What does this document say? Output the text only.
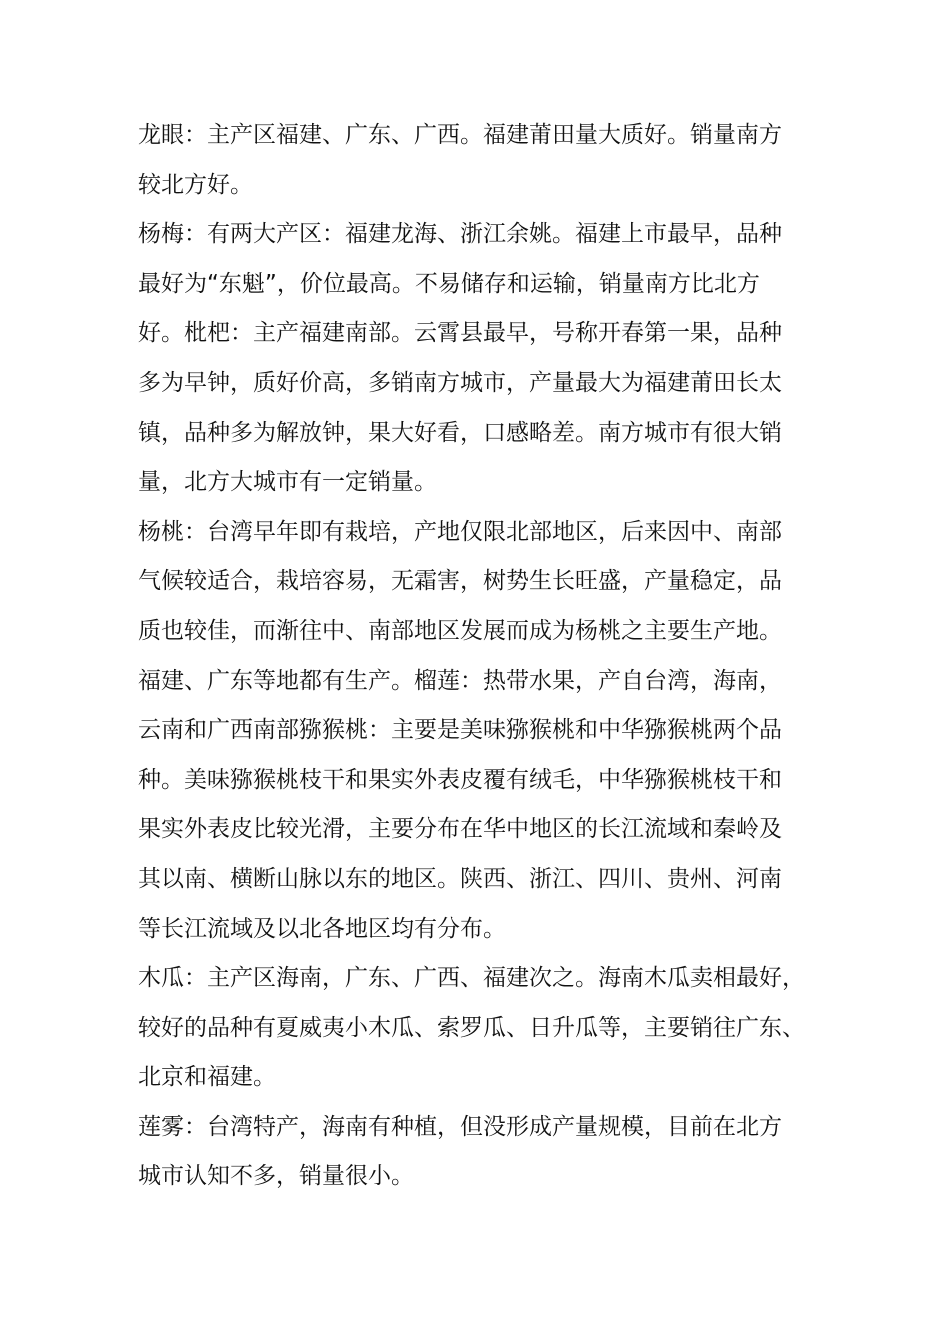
龙眼：主产区福建、广东、广西。福建莆田量大质好。销量南方
较北方好。
杨梅：有两大产区：福建龙海、浙江余姚。福建上市最早，品种
最好为“东魁”，价位最高。不易储存和运输，销量南方比北方
好。枇杷：主产福建南部。云霄县最早，号称开春第一果，品种
多为早钟，质好价高，多销南方城市，产量最大为福建莆田长太
镇，品种多为解放钟，果大好看，口感略差。南方城市有很大销
量，北方大城市有一定销量。
杨桃：台湾早年即有栽培，产地仅限北部地区，后来因中、南部
气候较适合，栽培容易，无霜害，树势生长旺盛，产量稳定，品
质也较佳，而渐往中、南部地区发展而成为杨桃之主要生产地。
福建、广东等地都有生产。榴莲：热带水果，产自台湾，海南，
云南和广西南部猕猴桃：主要是美味猕猴桃和中华猕猴桃两个品
种。美味猕猴桃枝干和果实外表皮覆有绒毛，中华猕猴桃枝干和
果实外表皮比较光滑，主要分布在华中地区的长江流域和秦岭及
其以南、横断山脉以东的地区。陕西、浙江、四川、贵州、河南
等长江流域及以北各地区均有分布。
木瓜：主产区海南，广东、广西、福建次之。海南木瓜卖相最好，
较好的品种有夏威夷小木瓜、索罗瓜、日升瓜等，主要销往广东、
北京和福建。
莲雾：台湾特产，海南有种植，但没形成产量规模，目前在北方
城市认知不多，销量很小。
